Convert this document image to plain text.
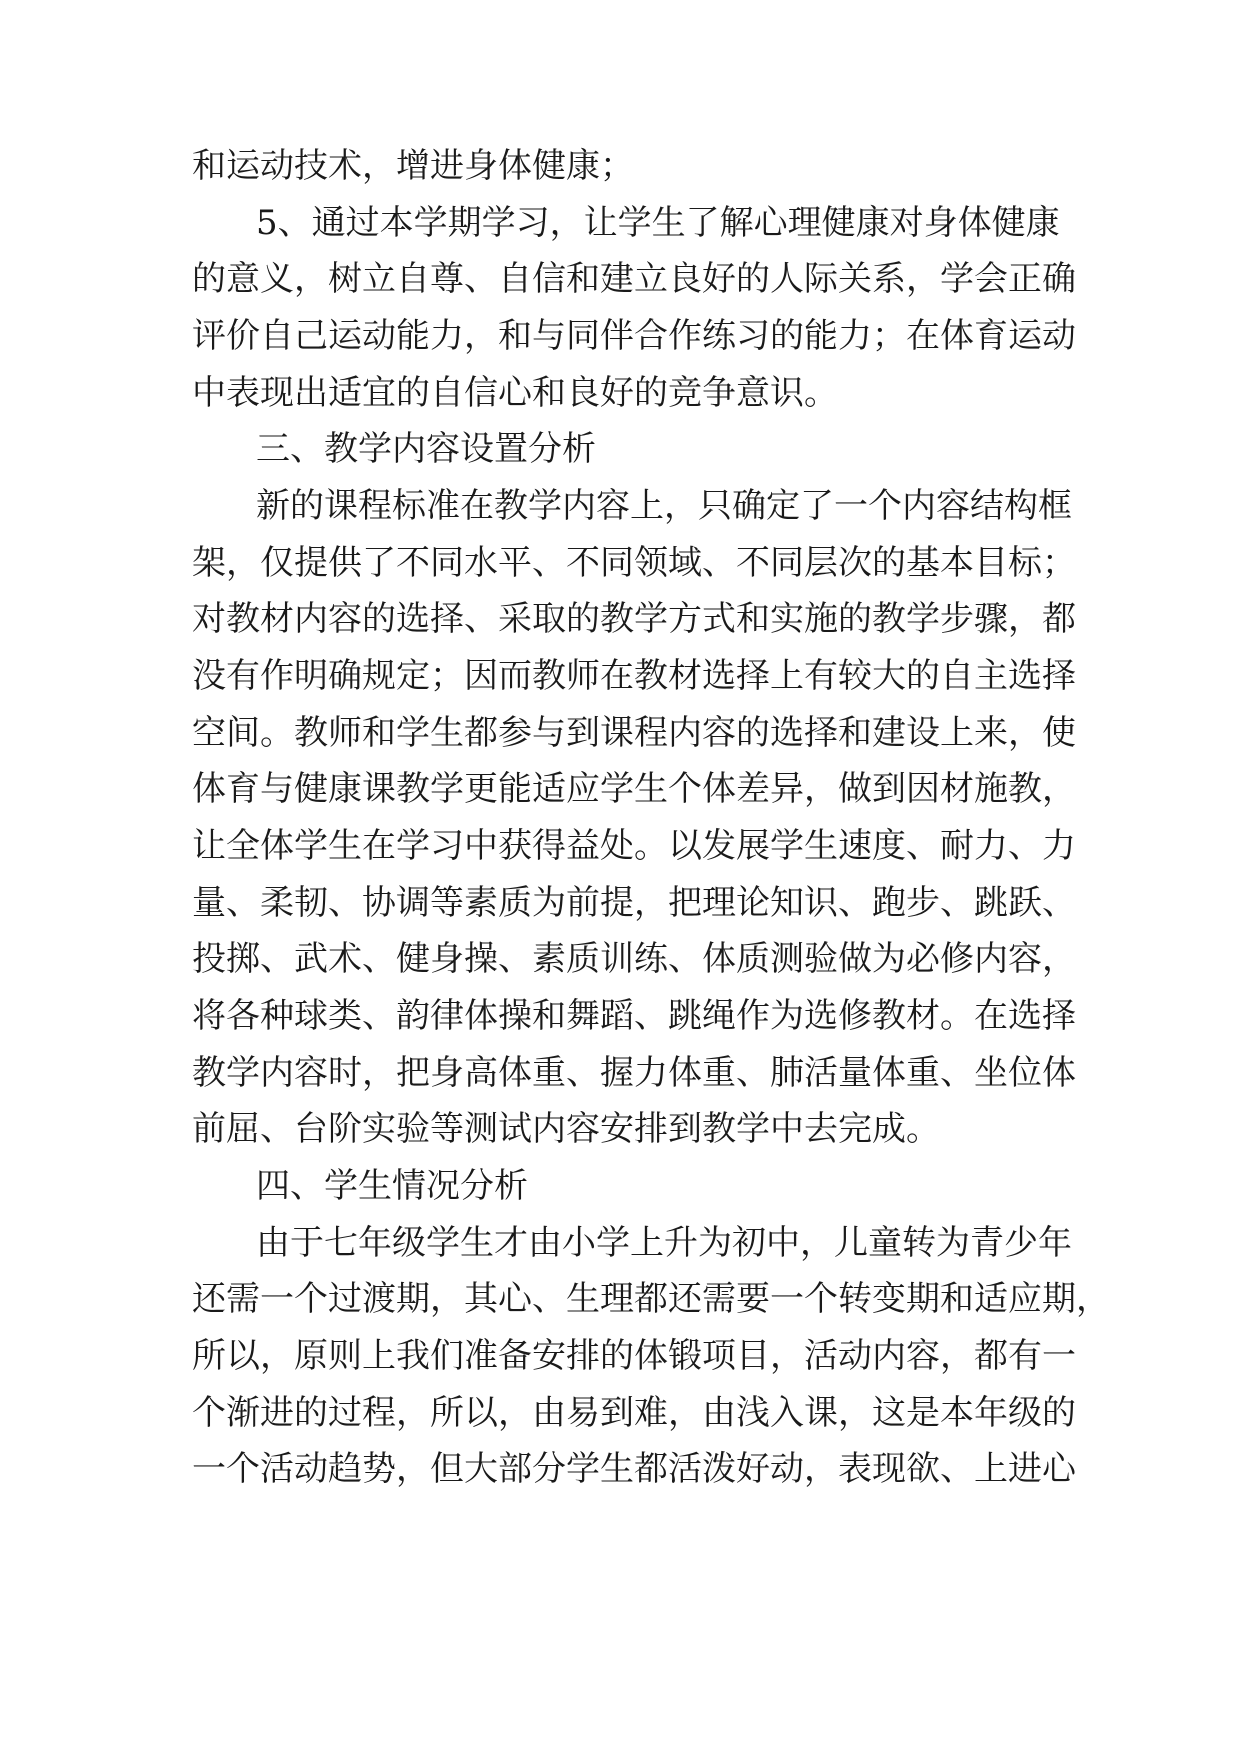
和运动技术，增进身体健康；
5、通过本学期学习，让学生了解心理健康对身体健康
的意义，树立自尊、自信和建立良好的人际关系，学会正确
评价自己运动能力，和与同伴合作练习的能力；在体育运动
中表现出适宜的自信心和良好的竞争意识。
三、教学内容设置分析
新的课程标准在教学内容上，只确定了一个内容结构框
架，仅提供了不同水平、不同领域、不同层次的基本目标；
对教材内容的选择、采取的教学方式和实施的教学步骤，都
没有作明确规定；因而教师在教材选择上有较大的自主选择
空间。教师和学生都参与到课程内容的选择和建设上来，使
体育与健康课教学更能适应学生个体差异，做到因材施教，
让全体学生在学习中获得益处。以发展学生速度、耐力、力
量、柔韧、协调等素质为前提，把理论知识、跑步、跳跃、
投掷、武术、健身操、素质训练、体质测验做为必修内容，
将各种球类、韵律体操和舞蹈、跳绳作为选修教材。在选择
教学内容时，把身高体重、握力体重、肺活量体重、坐位体
前屈、台阶实验等测试内容安排到教学中去完成。
四、学生情况分析
由于七年级学生才由小学上升为初中，儿童转为青少年
还需一个过渡期，其心、生理都还需要一个转变期和适应期，
所以，原则上我们准备安排的体锻项目，活动内容，都有一
个渐进的过程，所以，由易到难，由浅入课，这是本年级的
一个活动趋势，但大部分学生都活泼好动，表现欲、上进心
